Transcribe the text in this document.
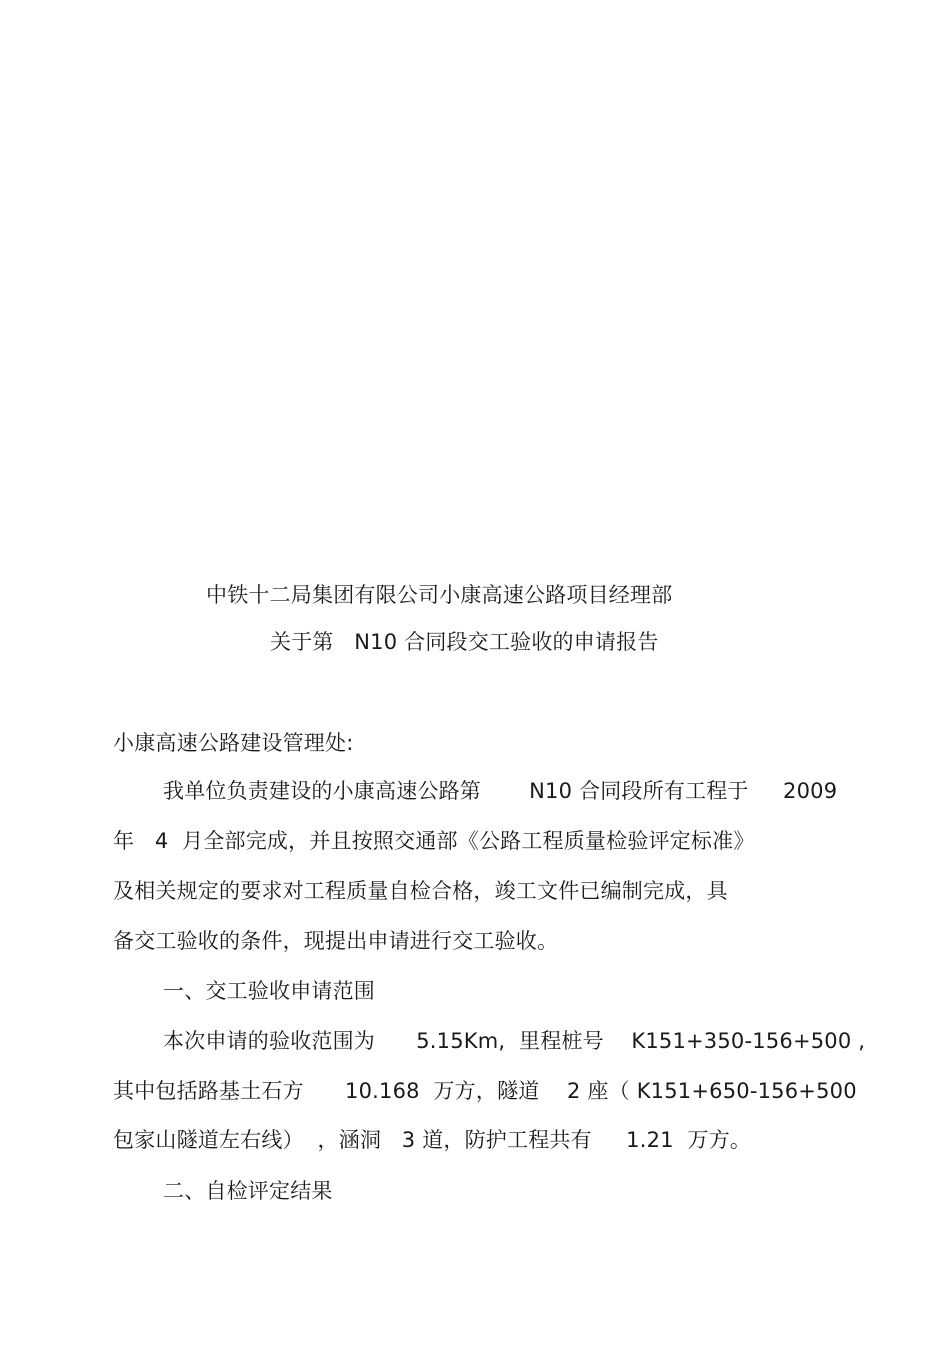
中铁十二局集团有限公司小康高速公路项目经理部
关于第   N10 合同段交工验收的申请报告
小康高速公路建设管理处:
我单位负责建设的小康高速公路第       N10 合同段所有工程于     2009
年   4  月全部完成，并且按照交通部《公路工程质量检验评定标准》
及相关规定的要求对工程质量自检合格，竣工文件已编制完成，具
备交工验收的条件，现提出申请进行交工验收。
一、交工验收申请范围
本次申请的验收范围为      5.15Km,  里程桩号    K151+350-156+500 ,
其中包括路基土石方      10.168  万方，隧道    2 座（ K151+650-156+500
包家山隧道左右线）  ，涵洞   3 道，防护工程共有     1.21  万方。
二、自检评定结果
